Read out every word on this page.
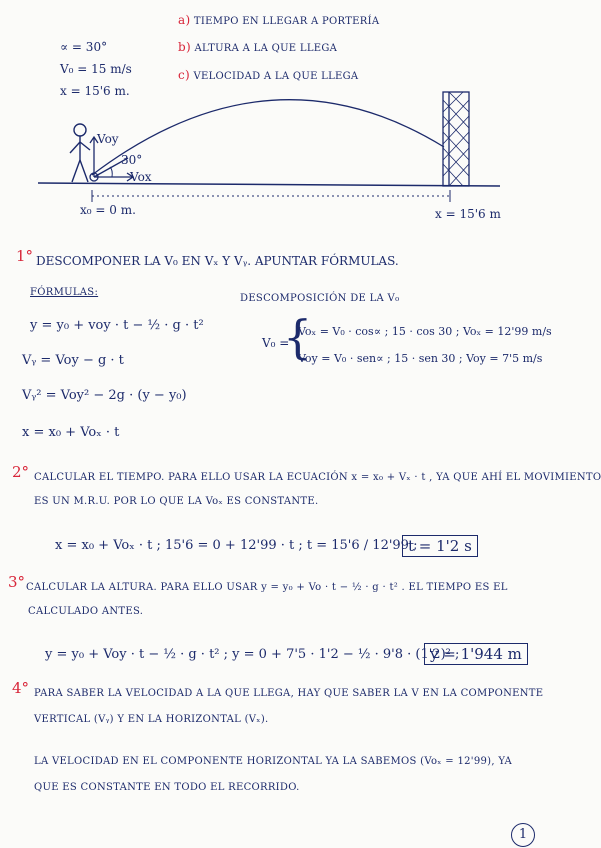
a) TIEMPO EN LLEGAR A PORTERÍA
b) ALTURA A LA QUE LLEGA
c) VELOCIDAD A LA QUE LLEGA
∝ = 30°
V₀ = 15 m/s
x = 15'6 m.
Voy
30°
Vox
x₀ = 0 m.	x = 15'6 m
1° DESCOMPONER LA V₀ EN Vₓ Y Vᵧ. APUNTAR FÓRMULAS.
FÓRMULAS:
y = y₀ + voy · t − ½ · g · t²
Vᵧ = Voy − g · t
Vᵧ² = Voy² − 2g · (y − y₀)
x = x₀ + Voₓ · t
DESCOMPOSICIÓN DE LA V₀
V₀ =
{
Voₓ = V₀ · cos∝ ; 15 · cos 30 ; Voₓ = 12'99 m/s
Voy = V₀ · sen∝ ; 15 · sen 30 ; Voy = 7'5 m/s
2° CALCULAR EL TIEMPO. PARA ELLO USAR LA ECUACIÓN x = x₀ + Vₓ · t , YA QUE AHÍ EL MOVIMIENTO
ES UN M.R.U. POR LO QUE LA Voₓ ES CONSTANTE.
x = x₀ + Voₓ · t ; 15'6 = 0 + 12'99 · t ; t = 15'6 / 12'99 ;
t = 1'2 s
3° CALCULAR LA ALTURA. PARA ELLO USAR y = y₀ + Vo · t − ½ · g · t² . EL TIEMPO ES EL
CALCULADO ANTES.
y = y₀ + Voy · t − ½ · g · t² ; y = 0 + 7'5 · 1'2 − ½ · 9'8 · (1'2)² ;
y = 1'944 m
4° PARA SABER LA VELOCIDAD A LA QUE LLEGA, HAY QUE SABER LA V EN LA COMPONENTE
VERTICAL (Vᵧ) Y EN LA HORIZONTAL (Vₓ).
LA VELOCIDAD EN EL COMPONENTE HORIZONTAL YA LA SABEMOS (Voₓ = 12'99), YA
QUE ES CONSTANTE EN TODO EL RECORRIDO.
1
